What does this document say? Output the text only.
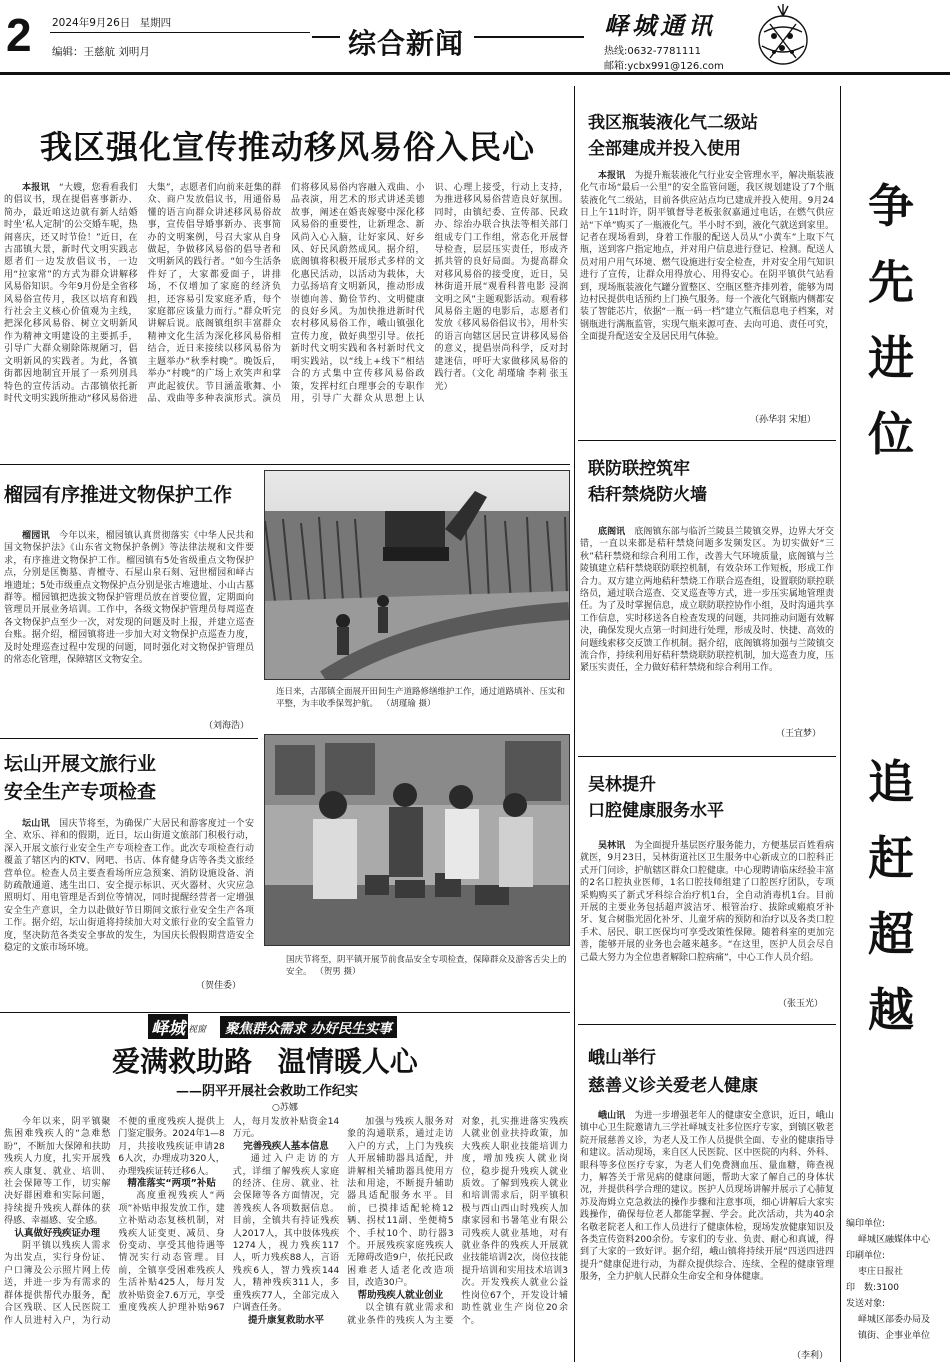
2 2024年9月26日 星期四
编辑：王慈航 刘明月	综合新闻
峄城通讯
热线:0632-7781111
邮箱:ycbx991@126.com
争
先
进
位
追
赶
超
越
编印单位:
峄城区融媒体中心
印刷单位:
枣庄日报社
印　数:3100
发送对象:
峄城区部委办局及
镇街、企事业单位
我区强化宣传推动移风易俗入民心

本报讯　 “大嫂，您看看我们的倡议书，现在提倡喜事新办、简办，最近咱这边就有新人结婚时坐‘私人定制’的公交婚车呢，热闹喜庆，还又时节俭！”近日，在古邵镇大景，新时代文明实践志愿者们一边发放倡议书，一边用“拉家常”的方式为群众讲解移风易俗知识。今年9月份是全省移风易俗宣传月，我区以培育和践行社会主义核心价值观为主线，把深化移风易俗、树立文明新风作为精神文明建设的主要抓手，引导广大群众剔除陈规陋习，倡文明新风的实践者。为此，各镇街都因地制宜开展了一系列別具特色的宣传活动。古邵镇依托新时代文明实践所推动“移风易俗进大集”，志愿者们向前来赶集的群众、商户发放倡议书，用通俗易懂的语言向群众讲述移风易俗故事，宣传倡导婚事新办、丧事简办的文明案例，号召大家从自身做起，争做移风易俗的倡导者和文明新风的践行者。“如今生活条件好了，大家都爱面子，讲排场，不仅增加了家庭的经济负担，还容易引发家庭矛盾，每个家庭都应该量力而行。”群众听完讲解后说。底阁镇组织丰富群众精神文化生活为深化移风易俗相结合，近日来接续以移风易俗为主题举办“秋季村晚”。晚饭后，举办“村晚”的广场上欢笑声和掌声此起彼伏。节目涵盖歌舞、小品、戏曲等多种表演形式。演员们将移风易俗内容融入戏曲、小品表演，用艺术的形式讲述美德故事，阐述在婚丧嫁娶中深化移风易俗的重要性，让新理念、新风尚入心入脑，让好家风、好乡风、好民风蔚然成风。据介绍，底阁镇将积极开展形式多样的文化惠民活动，以活动为载体，大力弘扬培育文明新风，推动形成崇德向善、勤俭节约、文明健康的良好乡风。为加快推进新时代农村移风易俗工作，峨山镇强化宣传力度，做好典型引导。依托新时代文明实践和各村新时代文明实践站，以“线上+线下”相结合的方式集中宣传移风易俗政策，发挥村红白理事会的专职作用，引导广大群众从思想上认识、心理上接受，行动上支持，为推进移风易俗营造良好氛围。同时，由镇纪委、宣传部、民政办、综治办联合执法等相关部门组成专门工作组，常态化开展督导检查，层层压实责任，形成齐抓共管的良好局面。为提高群众对移风易俗的接受度，近日，吴林街道开展“观看科普电影 浸润文明之风”主题观影活动。观看移风易俗主题的电影后，志愿者们发放《移风易俗倡议书》，用朴实的语言向辖区居民宣讲移风易俗的意义，提倡崇尚科学，反对封建迷信，呼吁大家做移风易俗的践行者。（文化 胡瑾瑜 李莉 张玉光）

榴园有序推进文物保护工作

榴园讯　 今年以来，榴园镇认真贯彻落实《中华人民共和国文物保护法》《山东省文物保护条例》等法律法规和文件要求，有序推进文物保护工作。榴园镇有5处省级重点文物保护点，分别是匡衡墓、青檀寺、石屋山泉石刻、冠世榴园和峄古堆遗址；5处市级重点文物保护点分别是张古堆遗址、小山古墓群等。榴园镇把选拔文物保护管理员放在首要位置，定期面向管理员开展业务培训。工作中，各级文物保护管理员每周巡查各文物保护点至少一次，对发现的问题及时上报，并建立巡查台账。据介绍，榴园镇将进一步加大对文物保护点巡查力度，及时处理巡查过程中发现的问题，同时强化对文物保护管理员的常态化管理，保障辖区文物安全。

（刘海浩）
连日来，古邵镇全面展开田间生产道路修缮维护工作，通过道路填补、压实和平整，为丰收季保驾护航。 （胡瑾瑜 摄）
坛山开展文旅行业
安全生产专项检查

坛山讯　 国庆节将至，为确保广大居民和游客度过一个安全、欢乐、祥和的假期，近日，坛山街道文旅部门积极行动，深入开展文旅行业安全生产专项检查工作。此次专项检查行动覆盖了辖区内的KTV、网吧、书店、体育健身店等各类文旅经营单位。检查人员主要查看场所应急预案、消防设施设备、消防疏散通道、逃生出口、安全提示标识、灭火器材、火灾应急照明灯、用电管理是否到位等情况，同时提醒经营者一定增强安全生产意识，全力以赴做好节日期间文旅行业安全生产各项工作。据介绍，坛山街道将持续加大对文旅行业的安全监管力度，坚决防范各类安全事故的发生，为国庆长假假期营造安全稳定的文旅市场环境。

（贺佳委）
国庆节将至，阴平镇开展节前食品安全专项检查，保障群众及游客舌尖上的安全。 （贺男 摄）
峄城 视窗	聚焦群众需求 办好民生实事
爱满救助路 温情暖人心
——阴平开展社会救助工作纪实
○苏娜

今年以来，阴平镇聚焦困难残疾人的“急难愁盼”，不断加大保障和扶助残疾人力度，扎实开展残疾人康复、就业、培训、社会保障等工作，切实解决好群困难和实际问题，持续提升残疾人群体的获得感、幸福感、安全感。

认真做好残疾证办理

阴平镇以残疾人需求为出发点，实行身份证、户口簿及公示照片网上传送，并进一步为有需求的群体提供帮代办服务，配合区残联、区人民医院工作人员进村入户，为行动不便的重度残疾人提供上门鉴定服务。2024年1—8月，共接收残疾证申请286人次，办理成功320人，办理残疾证转迁移6人。

精准落实“两项”补贴

高度重视残疾人“两项”补贴申报发放工作，建立补贴动态复核机制，对残疾人证变更、减员、身份变动、享受其他待遇等情况实行动态管理。目前，全镇享受困难残疾人生活补贴425人，每月发放补贴资金7.6万元，享受重度残疾人护理补贴967人，每月发放补贴资金14万元。

完善残疾人基本信息

通过入户走访的方式，详细了解残疾人家庭的经济、住房、就业、社会保障等各方面情况，完善残疾人各项数据信息。目前，全镇共有持证残疾人2017人，其中肢体残疾1274人，视力残疾117人，听力残疾88人，言语残疾6人，智力残疾144人，精神残疾311人，多重残疾77人，全部完成入户调查任务。

提升康复救助水平

加强与残疾人服务对象的沟通联系，通过走访入户的方式，上门为残疾人开展辅助器具适配，并讲解相关辅助器具使用方法和用途，不断提升辅助器具适配服务水平。目前，已摸排适配轮椅12辆、拐杖11副、坐便椅5个、手杖10个、助行器3个。开展残疾家庭残疾人无障碍改造9户，依托民政困难老人适老化改造项目，改造30户。

帮助残疾人就业创业

以全镇有就业需求和就业条件的残疾人为主要对象，扎实推进落实残疾人就业创业扶持政策，加大残疾人职业技能培训力度，增加残疾人就业岗位，稳步提升残疾人就业质效。了解到残疾人就业和培训需求后，阴平镇积极与西山西山时残疾人加康家园和书暑笔业有限公司残疾人就业基地，对有就业条件的残疾人开展就业技能培训2次，岗位技能提升培训和实用技术培训3次。开发残疾人就业公益性岗位67个，开发设计辅助性就业生产岗位20余个。

我区瓶装液化气二级站
全部建成并投入使用

本报讯　 为提升瓶装液化气行业安全管理水平，解决瓶装液化气市场“最后一公里”的安全监管问题，我区规划建设了7个瓶装液化气二级站，目前各供应站点均已建成并投入使用。9月24日上午11时许，阴平镇督导老板张叙嘉通过电话，在燃气供应站“下单”购买了一瓶液化气。半小时不到，液化气就送到家里。记者在现场看到，身着工作服的配送人员从“小黄车”上取下气瓶，送到客户指定地点，并对用户信息进行登记、检测。配送人员对用户用气环境、燃气设施进行安全检查，并对安全用气知识进行了宣传，让群众用得放心、用得安心。在阴平镇供气站看到，现场瓶装液化气罐分置整区、空瓶区整齐排列着，能够为周边村民提供电话预约上门换气服务。每一个液化气钢瓶内侧都安装了智能芯片，依据“一瓶一码一档”建立气瓶信息电子档案，对钢瓶进行满瓶监管，实现气瓶来源可查、去向可追、责任可究，全面提升配送安全及居民用气体验。

（孙华羽 宋旭）
联防联控筑牢
秸秆禁烧防火墙

底阁讯　 底阁镇东部与临沂兰陵县兰陵镇交界，边界大牙交错，一直以来都是秸秆禁烧问题多发频发区。为切实做好“三秋”秸秆禁烧和综合利用工作，改善大气环境质量，底阁镇与兰陵镇建立秸秆禁烧联防联控机制，有效杂环工作短板，形成工作合力。双方建立两地秸秆禁烧工作联合巡查组，设置联防联控联络员，通过联合巡查、交叉巡查等方式，进一步压实属地管理责任。为了及时掌握信息，成立联防联控协作小组，及时沟通共享工作信息，实时移送各自检查发现的问题，共同推动问题有效解决，确保发现火点第一时间进行处理，形成及时、快捷、高效的问题线索移交反馈工作机制。据介绍，底阁镇将加强与兰陵镇交流合作，持续利用好秸秆禁烧联防联控机制，加大巡查力度，压紧压实责任，全力做好秸秆禁烧和综合利用工作。

（王宜梦）
吴林提升
口腔健康服务水平

吴林讯　 为全面提升基层医疗服务能力，方便基层百姓看病就医，9月23日，吴林街道社区卫生服务中心新成立的口腔科正式开门问诊，护航辖区群众口腔健康。中心现聘请临床经验丰富的2名口腔执业医师，1名口腔技师组建了口腔医疗团队，专项采购购买了新式牙科综合治疗机1台，全自动消毒机1台。目前开展的主要业务包括超声波洁牙、根管治疗、拔除或瘢痕牙补牙、复合树脂光固化补牙、儿童牙病的预防和治疗以及各类口腔手术、居民、职工医保均可享受改策性保障。随着科室的更加完善，能够开展的业务也会越来越多。“在这里，医护人员会尽自己最大努力为全位患者解除口腔病痛”，中心工作人员介绍。

（张玉光）
峨山举行
慈善义诊关爱老人健康

峨山讯　 为进一步增强老年人的健康安全意识，近日，峨山镇中心卫生院邀请九三学社峄城支社多位医疗专家，到镇区敬老院开展慈善义诊，为老人及工作人员提供全面、专业的健康指导和建议。活动现场，来自区人民医院、区中医院的内科、外科、眼科等多位医疗专家，为老人们免费测血压、量血糖，筛查视力，解答关于常见病的健康问题，帮助大家了解自己的身体状况，并提供科学合理的建议。医护人员现场讲解并展示了心肺复苏及海姆立克急救法的操作步骤和注意事项，细心讲解后大家实践操作，确保每位老人都能掌握、学会。此次活动，共为40余名敬老院老人和工作人员进行了健康体检，现场发放健康知识及各类宣传资料200余份。专家们的专业、负责、耐心和真诚，得到了大家的一致好评。据介绍，峨山镇将持续开展“四送四进四提升”健康促进行动，为群众提供综合、连续、全程的健康管理服务，全力护航人民群众生命安全和身体健康。

（李利）
